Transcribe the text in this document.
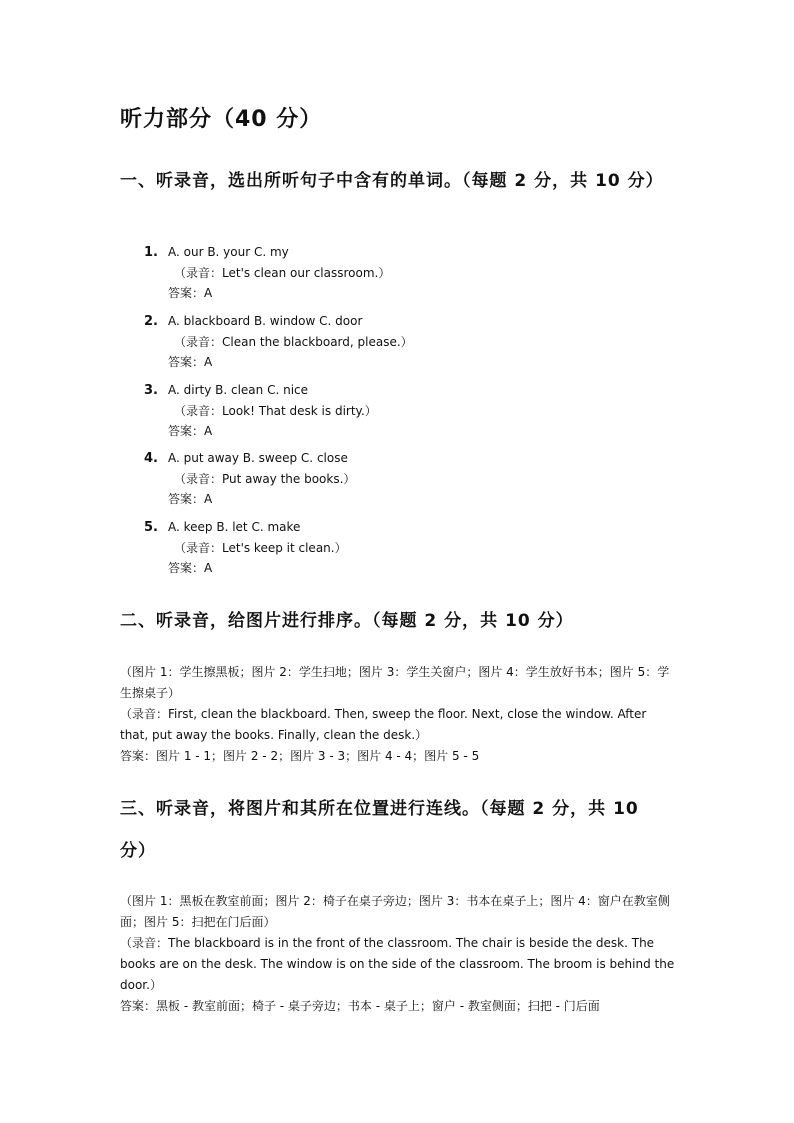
听力部分（40 分）
一、听录音，选出所听句子中含有的单词。（每题 2 分，共 10 分）
1. A. our B. your C. my
（录音：Let's clean our classroom.）
答案：A
2. A. blackboard B. window C. door
（录音：Clean the blackboard, please.）
答案：A
3. A. dirty B. clean C. nice
（录音：Look! That desk is dirty.）
答案：A
4. A. put away B. sweep C. close
（录音：Put away the books.）
答案：A
5. A. keep B. let C. make
（录音：Let's keep it clean.）
答案：A
二、听录音，给图片进行排序。（每题 2 分，共 10 分）
（图片 1：学生擦黑板；图片 2：学生扫地；图片 3：学生关窗户；图片 4：学生放好书本；图片 5：学生擦桌子）
（录音：First, clean the blackboard. Then, sweep the floor. Next, close the window. After that, put away the books. Finally, clean the desk.）
答案：图片 1 - 1；图片 2 - 2；图片 3 - 3；图片 4 - 4；图片 5 - 5
三、听录音，将图片和其所在位置进行连线。（每题 2 分，共 10
分）
（图片 1：黑板在教室前面；图片 2：椅子在桌子旁边；图片 3：书本在桌子上；图片 4：窗户在教室侧面；图片 5：扫把在门后面）
（录音：The blackboard is in the front of the classroom. The chair is beside the desk. The books are on the desk. The window is on the side of the classroom. The broom is behind the door.）
答案：黑板 - 教室前面；椅子 - 桌子旁边；书本 - 桌子上；窗户 - 教室侧面；扫把 - 门后面
